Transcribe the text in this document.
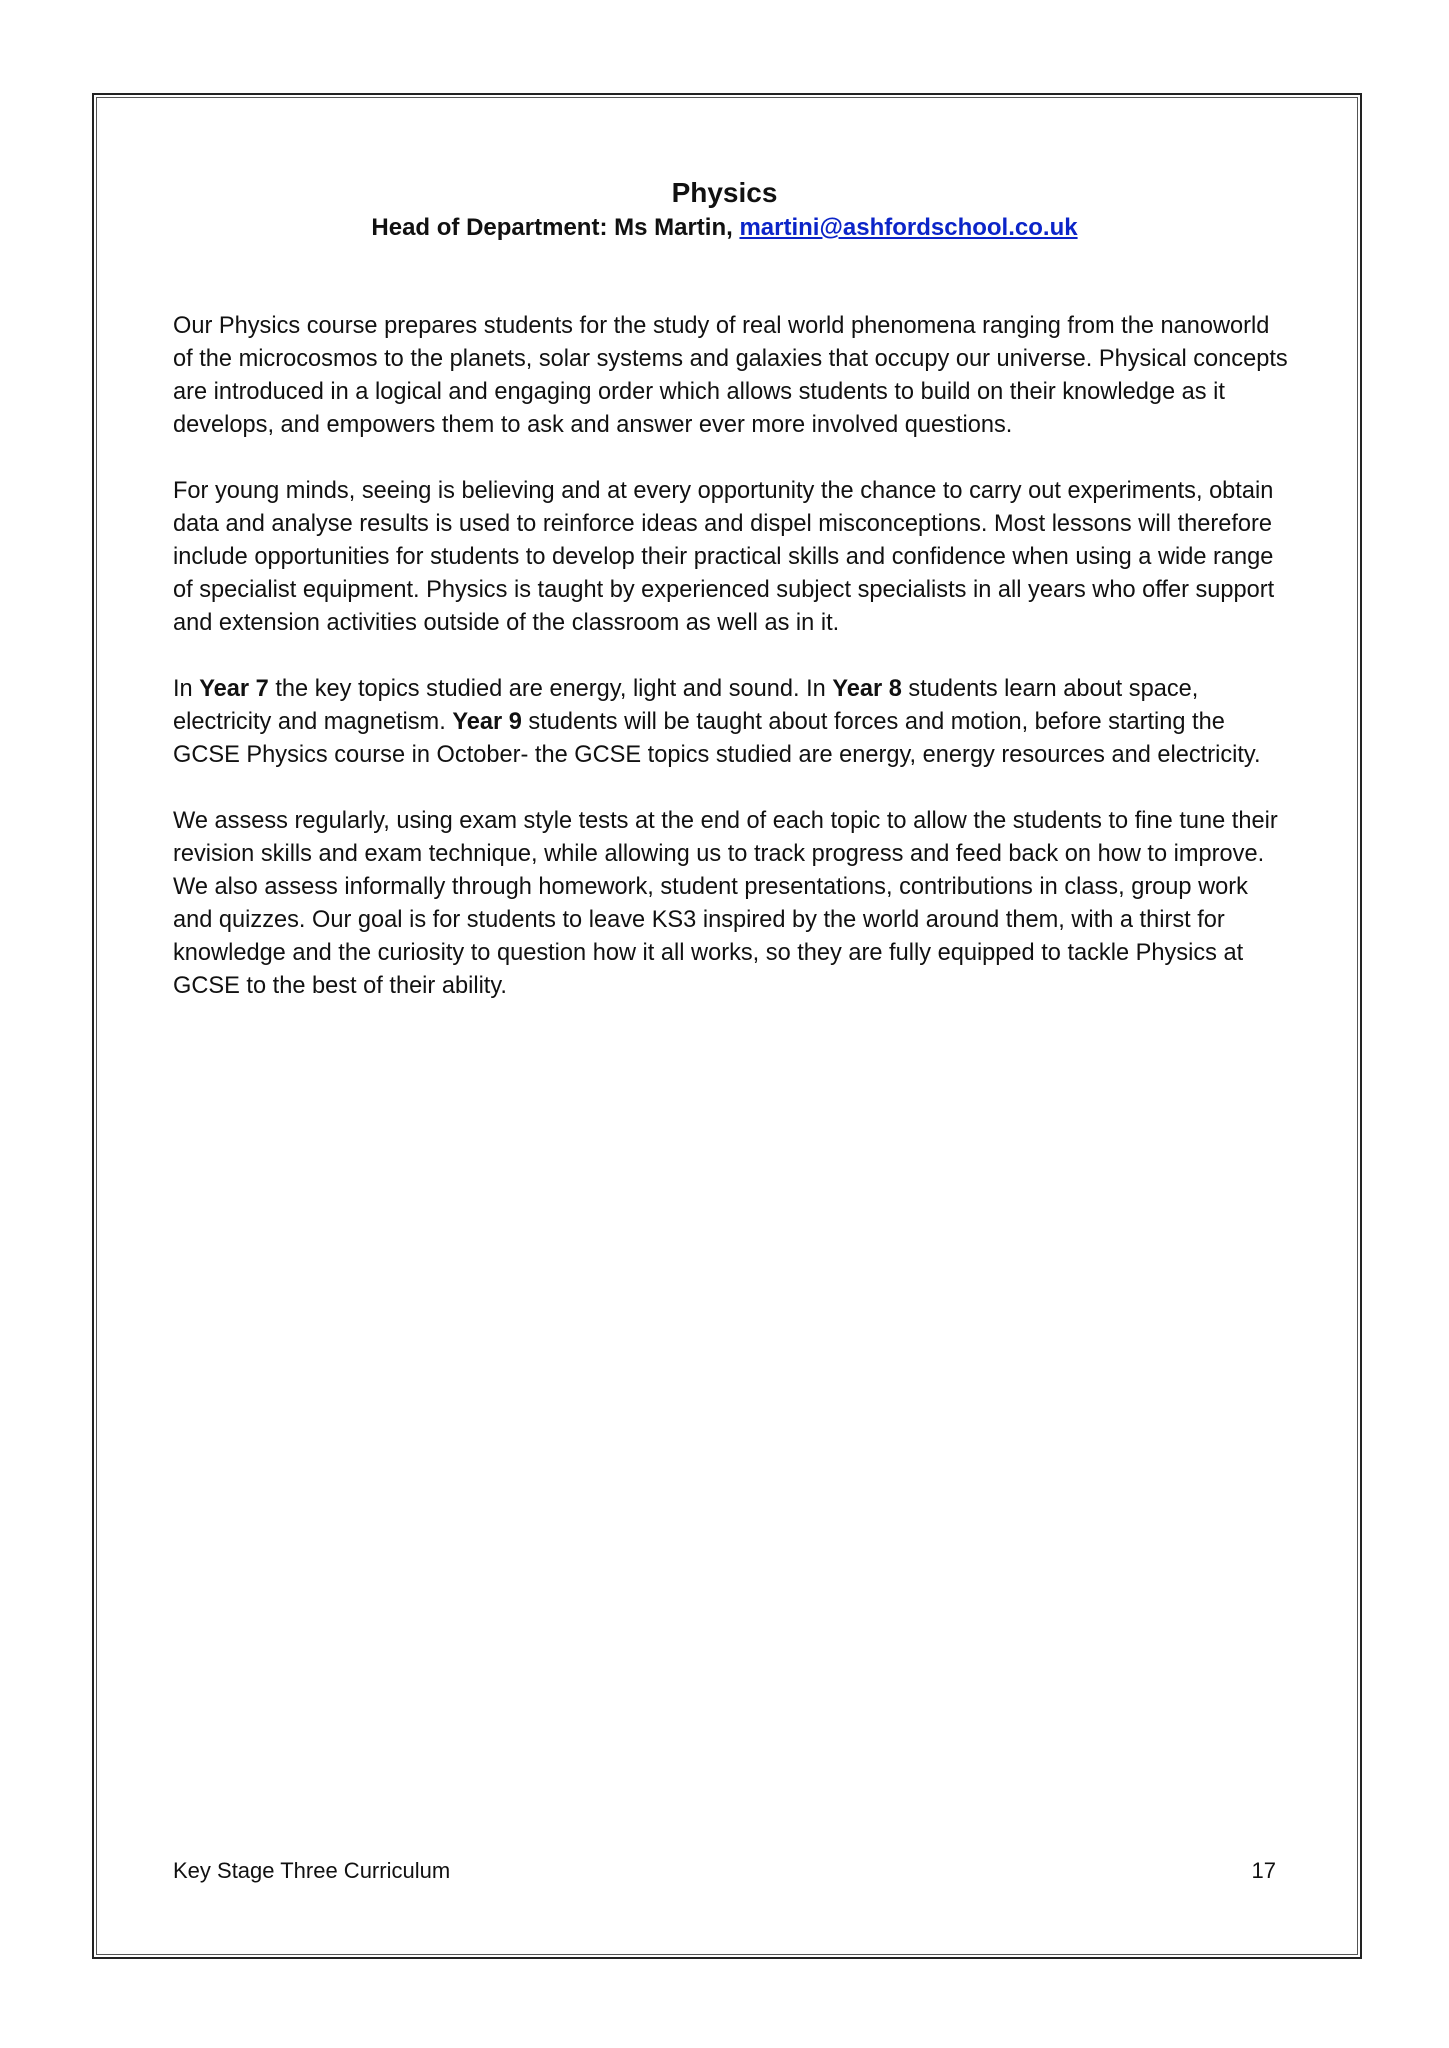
Physics
Head of Department: Ms Martin, martini@ashfordschool.co.uk

Our Physics course prepares students for the study of real world phenomena ranging from the nanoworld of the microcosmos to the planets, solar systems and galaxies that occupy our universe. Physical concepts are introduced in a logical and engaging order which allows students to build on their knowledge as it develops, and empowers them to ask and answer ever more involved questions.

For young minds, seeing is believing and at every opportunity the chance to carry out experiments, obtain data and analyse results is used to reinforce ideas and dispel misconceptions. Most lessons will therefore include opportunities for students to develop their practical skills and confidence when using a wide range of specialist equipment. Physics is taught by experienced subject specialists in all years who offer support and extension activities outside of the classroom as well as in it.

In Year 7 the key topics studied are energy, light and sound. In Year 8 students learn about space, electricity and magnetism. Year 9 students will be taught about forces and motion, before starting the GCSE Physics course in October- the GCSE topics studied are energy, energy resources and electricity.

We assess regularly, using exam style tests at the end of each topic to allow the students to fine tune their revision skills and exam technique, while allowing us to track progress and feed back on how to improve. We also assess informally through homework, student presentations, contributions in class, group work and quizzes. Our goal is for students to leave KS3 inspired by the world around them, with a thirst for knowledge and the curiosity to question how it all works, so they are fully equipped to tackle Physics at GCSE to the best of their ability.

Key Stage Three Curriculum	17
